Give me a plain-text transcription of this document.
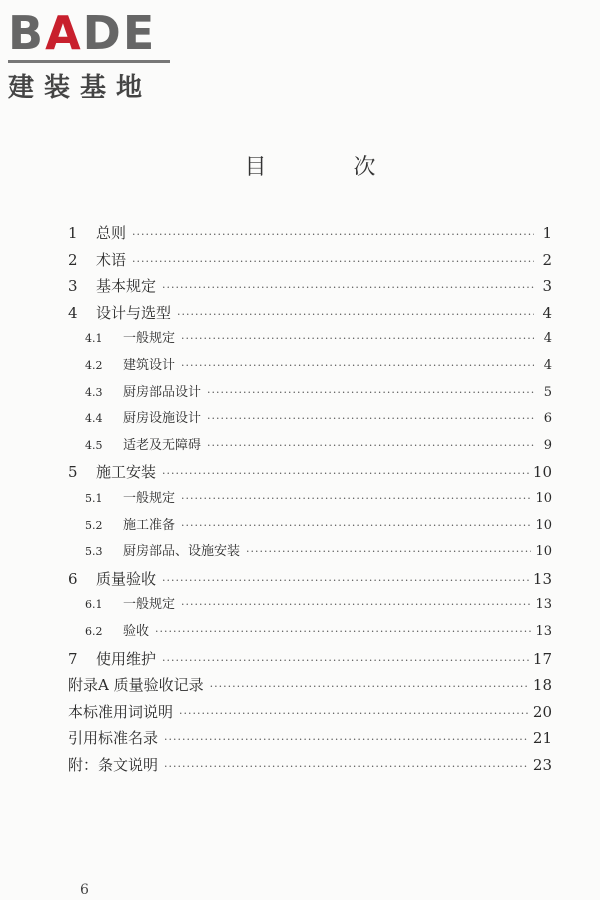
BADE
建装基地
目 次
1	总则 ·····	1
2	术语 ·····	2
3	基本规定 ·····	3
4	设计与选型 ·····	4
4.1	一般规定 ·····	4
4.2	建筑设计 ·····	4
4.3	厨房部品设计 ·····	5
4.4	厨房设施设计 ·····	6
4.5	适老及无障碍 ·····	9
5	施工安装 ·····	10
5.1	一般规定 ·····	10
5.2	施工准备 ·····	10
5.3	厨房部品、设施安装 ·····	10
6	质量验收 ·····	13
6.1	一般规定 ·····	13
6.2	验收 ·····	13
7	使用维护 ·····	17
附录A 质量验收记录 ·····	18
本标准用词说明 ·····	20
引用标准名录 ·····	21
附：条文说明 ·····	23
6
